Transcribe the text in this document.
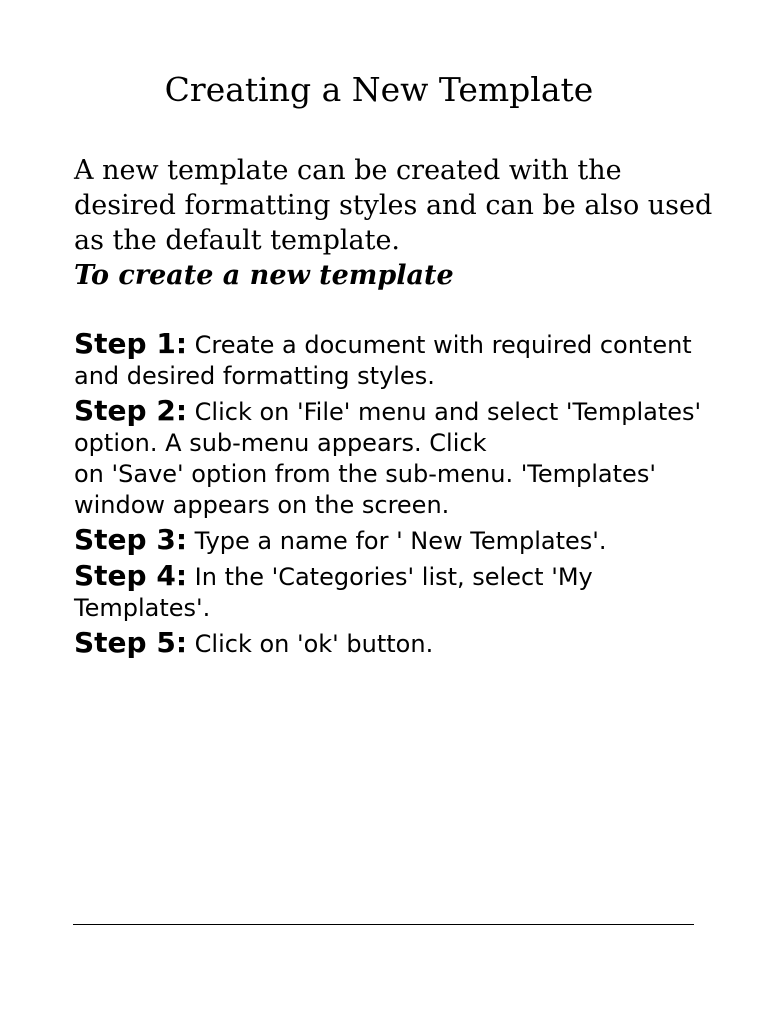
Creating a New Template

A new template can be created with the desired formatting styles and can be also used as the default template.

To create a new template

Step 1: Create a document with required content and desired formatting styles.
Step 2: Click on 'File' menu and select 'Templates' option. A sub-menu appears. Click
on 'Save' option from the sub-menu. 'Templates' window appears on the screen.
Step 3: Type a name for ' New Templates'.
Step 4: In the 'Categories' list, select 'My Templates'.
Step 5: Click on 'ok' button.
